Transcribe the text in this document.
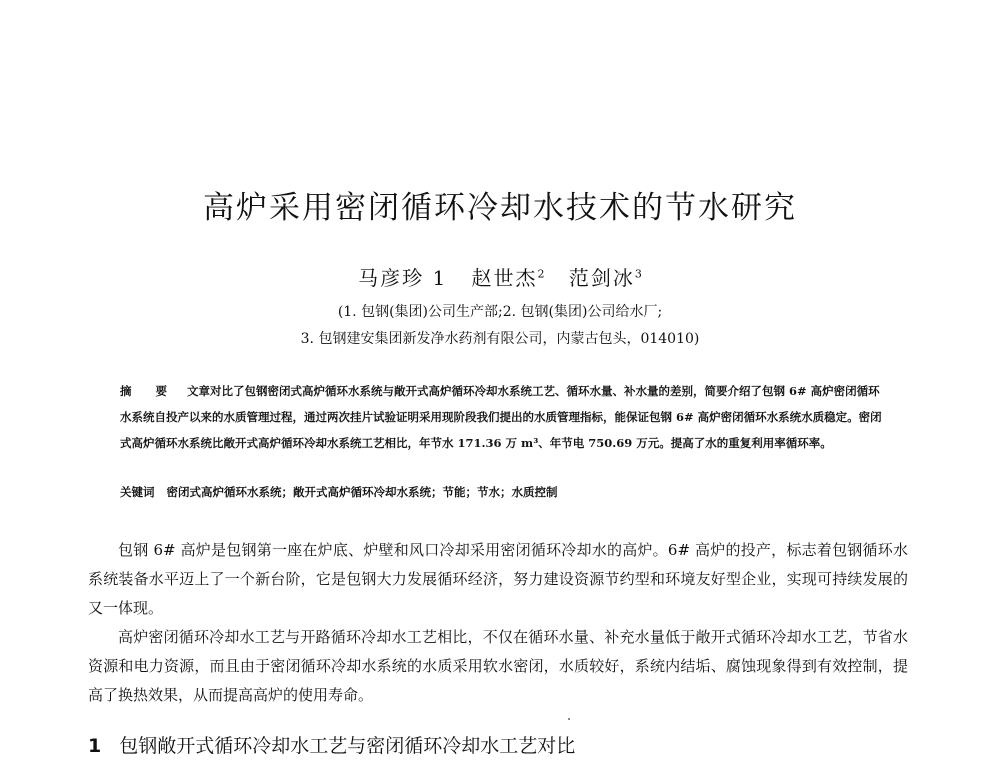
高炉采用密闭循环冷却水技术的节水研究
马彦珍 1 赵世杰$^2$ 范剑冰$^3$
(1. 包钢(集团)公司生产部;2. 包钢(集团)公司给水厂;
3. 包钢建安集团新发净水药剂有限公司，内蒙古包头，014010)
摘 要 文章对比了包钢密闭式高炉循环水系统与敞开式高炉循环冷却水系统工艺、循环水量、补水量的差别，简要介绍了包钢 6# 高炉密闭循环水系统自投产以来的水质管理过程，通过两次挂片试验证明采用现阶段我们提出的水质管理指标，能保证包钢 6# 高炉密闭循环水系统水质稳定。密闭式高炉循环水系统比敞开式高炉循环冷却水系统工艺相比，年节水 171.36 万 m³、年节电 750.69 万元。提高了水的重复利用率循环率。
关键词 密闭式高炉循环水系统；敞开式高炉循环冷却水系统；节能；节水；水质控制

包钢 6# 高炉是包钢第一座在炉底、炉壁和风口冷却采用密闭循环冷却水的高炉。6# 高炉的投产，标志着包钢循环水系统装备水平迈上了一个新台阶，它是包钢大力发展循环经济，努力建设资源节约型和环境友好型企业，实现可持续发展的又一体现。

高炉密闭循环冷却水工艺与开路循环冷却水工艺相比，不仅在循环水量、补充水量低于敞开式循环冷却水工艺，节省水资源和电力资源，而且由于密闭循环冷却水系统的水质采用软水密闭，水质较好，系统内结垢、腐蚀现象得到有效控制，提高了换热效果，从而提高高炉的使用寿命。

1 包钢敞开式循环冷却水工艺与密闭循环冷却水工艺对比
